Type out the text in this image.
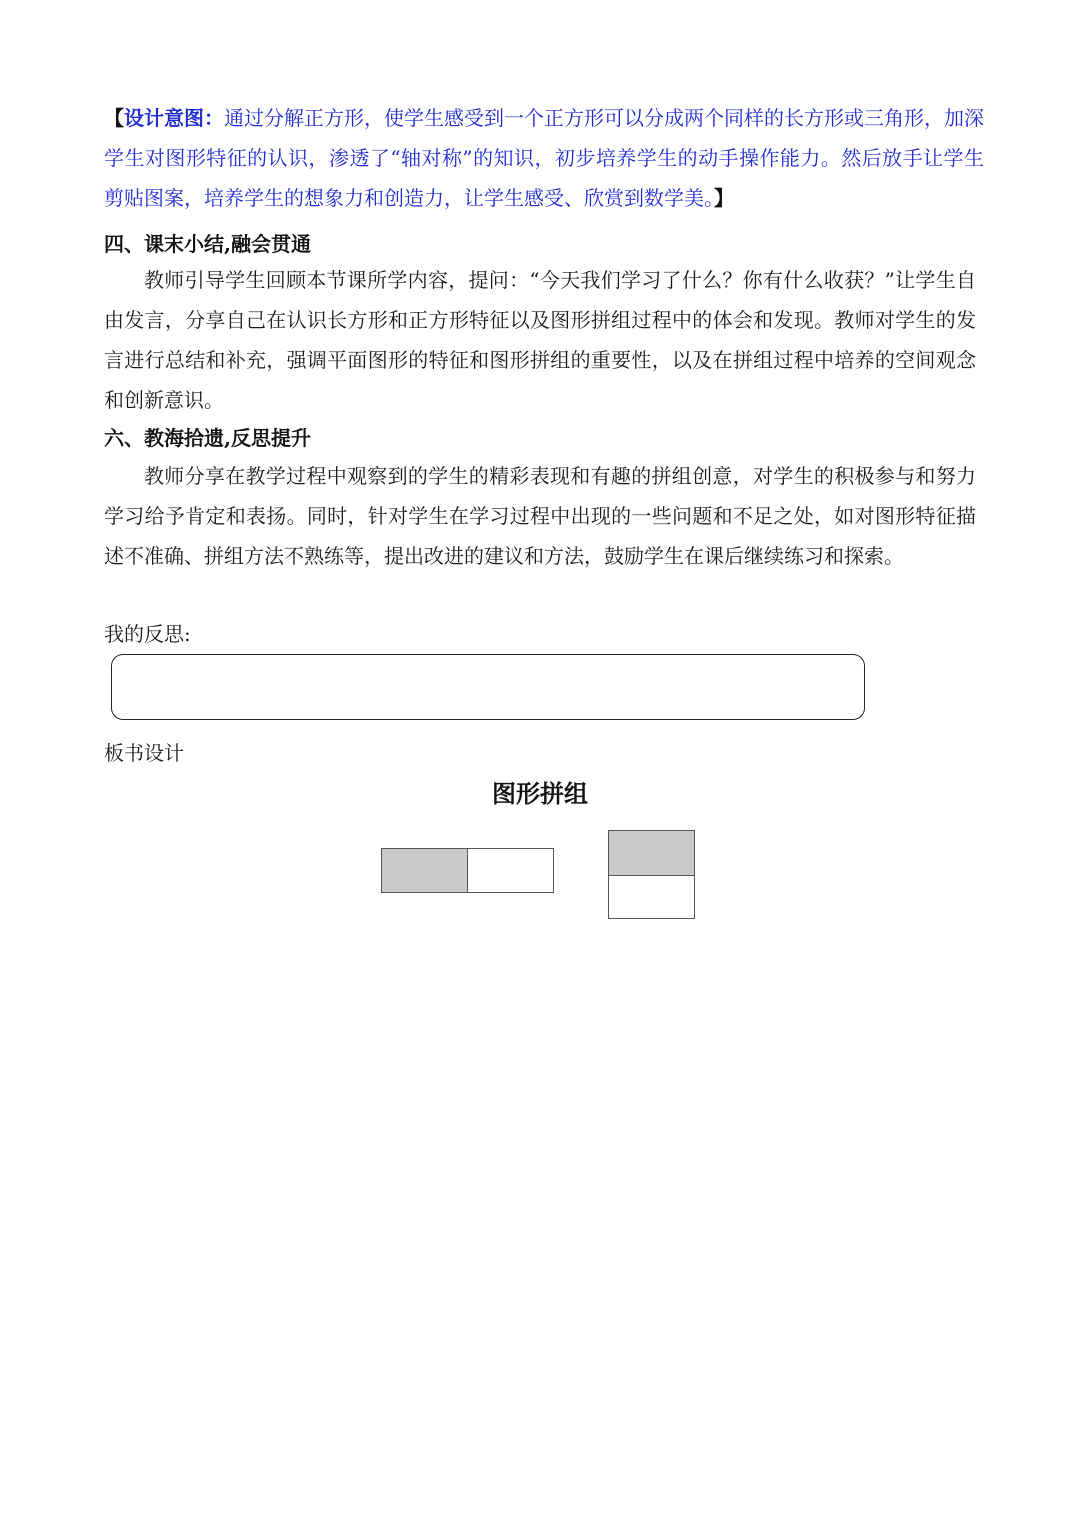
【设计意图：通过分解正方形，使学生感受到一个正方形可以分成两个同样的长方形或三角形，加深学生对图形特征的认识，渗透了“轴对称”的知识，初步培养学生的动手操作能力。然后放手让学生剪贴图案，培养学生的想象力和创造力，让学生感受、欣赏到数学美。】
四、课末小结,融会贯通
教师引导学生回顾本节课所学内容，提问：“今天我们学习了什么？你有什么收获？”让学生自由发言，分享自己在认识长方形和正方形特征以及图形拼组过程中的体会和发现。教师对学生的发言进行总结和补充，强调平面图形的特征和图形拼组的重要性，以及在拼组过程中培养的空间观念和创新意识。
六、教海拾遗,反思提升
教师分享在教学过程中观察到的学生的精彩表现和有趣的拼组创意，对学生的积极参与和努力学习给予肯定和表扬。同时，针对学生在学习过程中出现的一些问题和不足之处，如对图形特征描述不准确、拼组方法不熟练等，提出改进的建议和方法，鼓励学生在课后继续练习和探索。
我的反思:
板书设计
图形拼组
